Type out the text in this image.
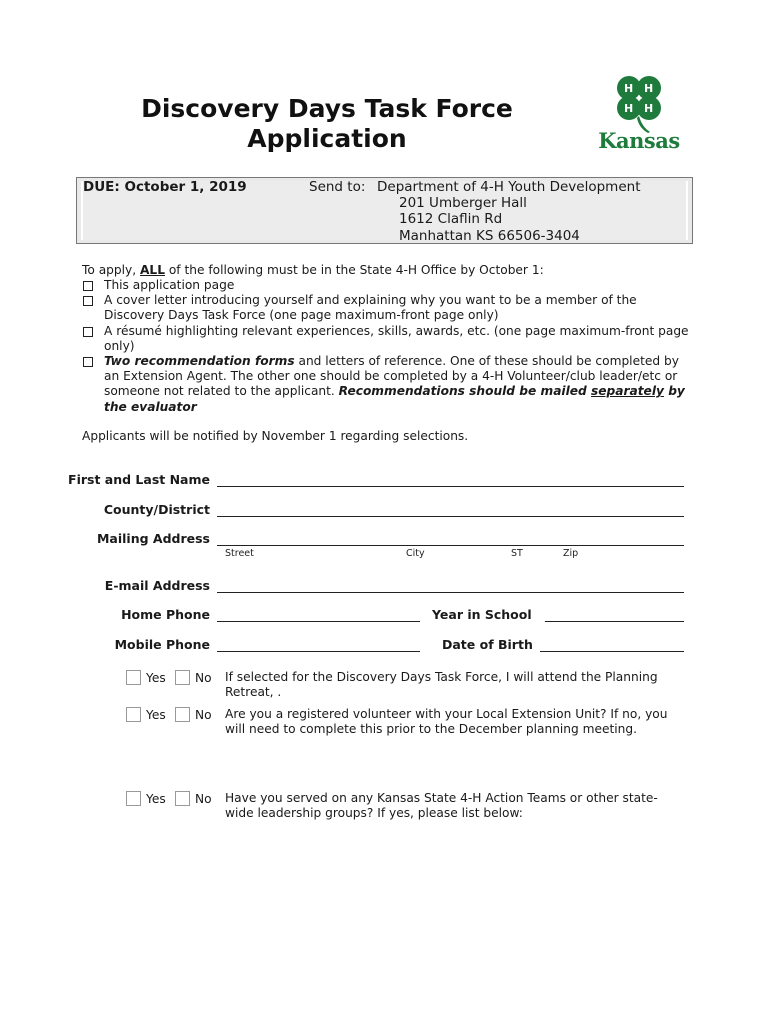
Discovery Days Task Force
Application
H H
H H
Kansas
DUE: October 1, 2019	Send to: Department of 4-H Youth Development
201 Umberger Hall
1612 Claflin Rd
Manhattan KS 66506-3404
To apply, ALL of the following must be in the State 4-H Office by October 1:
This application page
A cover letter introducing yourself and explaining why you want to be a member of the Discovery Days Task Force (one page maximum-front page only)
A résumé highlighting relevant experiences, skills, awards, etc. (one page maximum-front page only)
Two recommendation forms and letters of reference. One of these should be completed by an Extension Agent. The other one should be completed by a 4-H Volunteer/club leader/etc or someone not related to the applicant. Recommendations should be mailed separately by the evaluator
Applicants will be notified by November 1 regarding selections.
First and Last Name
County/District
Mailing Address
Street	City	ST	Zip
E-mail Address
Home Phone	Year in School _
Mobile Phone	Date of Birth
Yes	No If selected for the Discovery Days Task Force, I will attend the Planning Retreat, .
Yes	No Are you a registered volunteer with your Local Extension Unit? If no, you will need to complete this prior to the December planning meeting.
Yes	No Have you served on any Kansas State 4-H Action Teams or other state-wide leadership groups? If yes, please list below:
